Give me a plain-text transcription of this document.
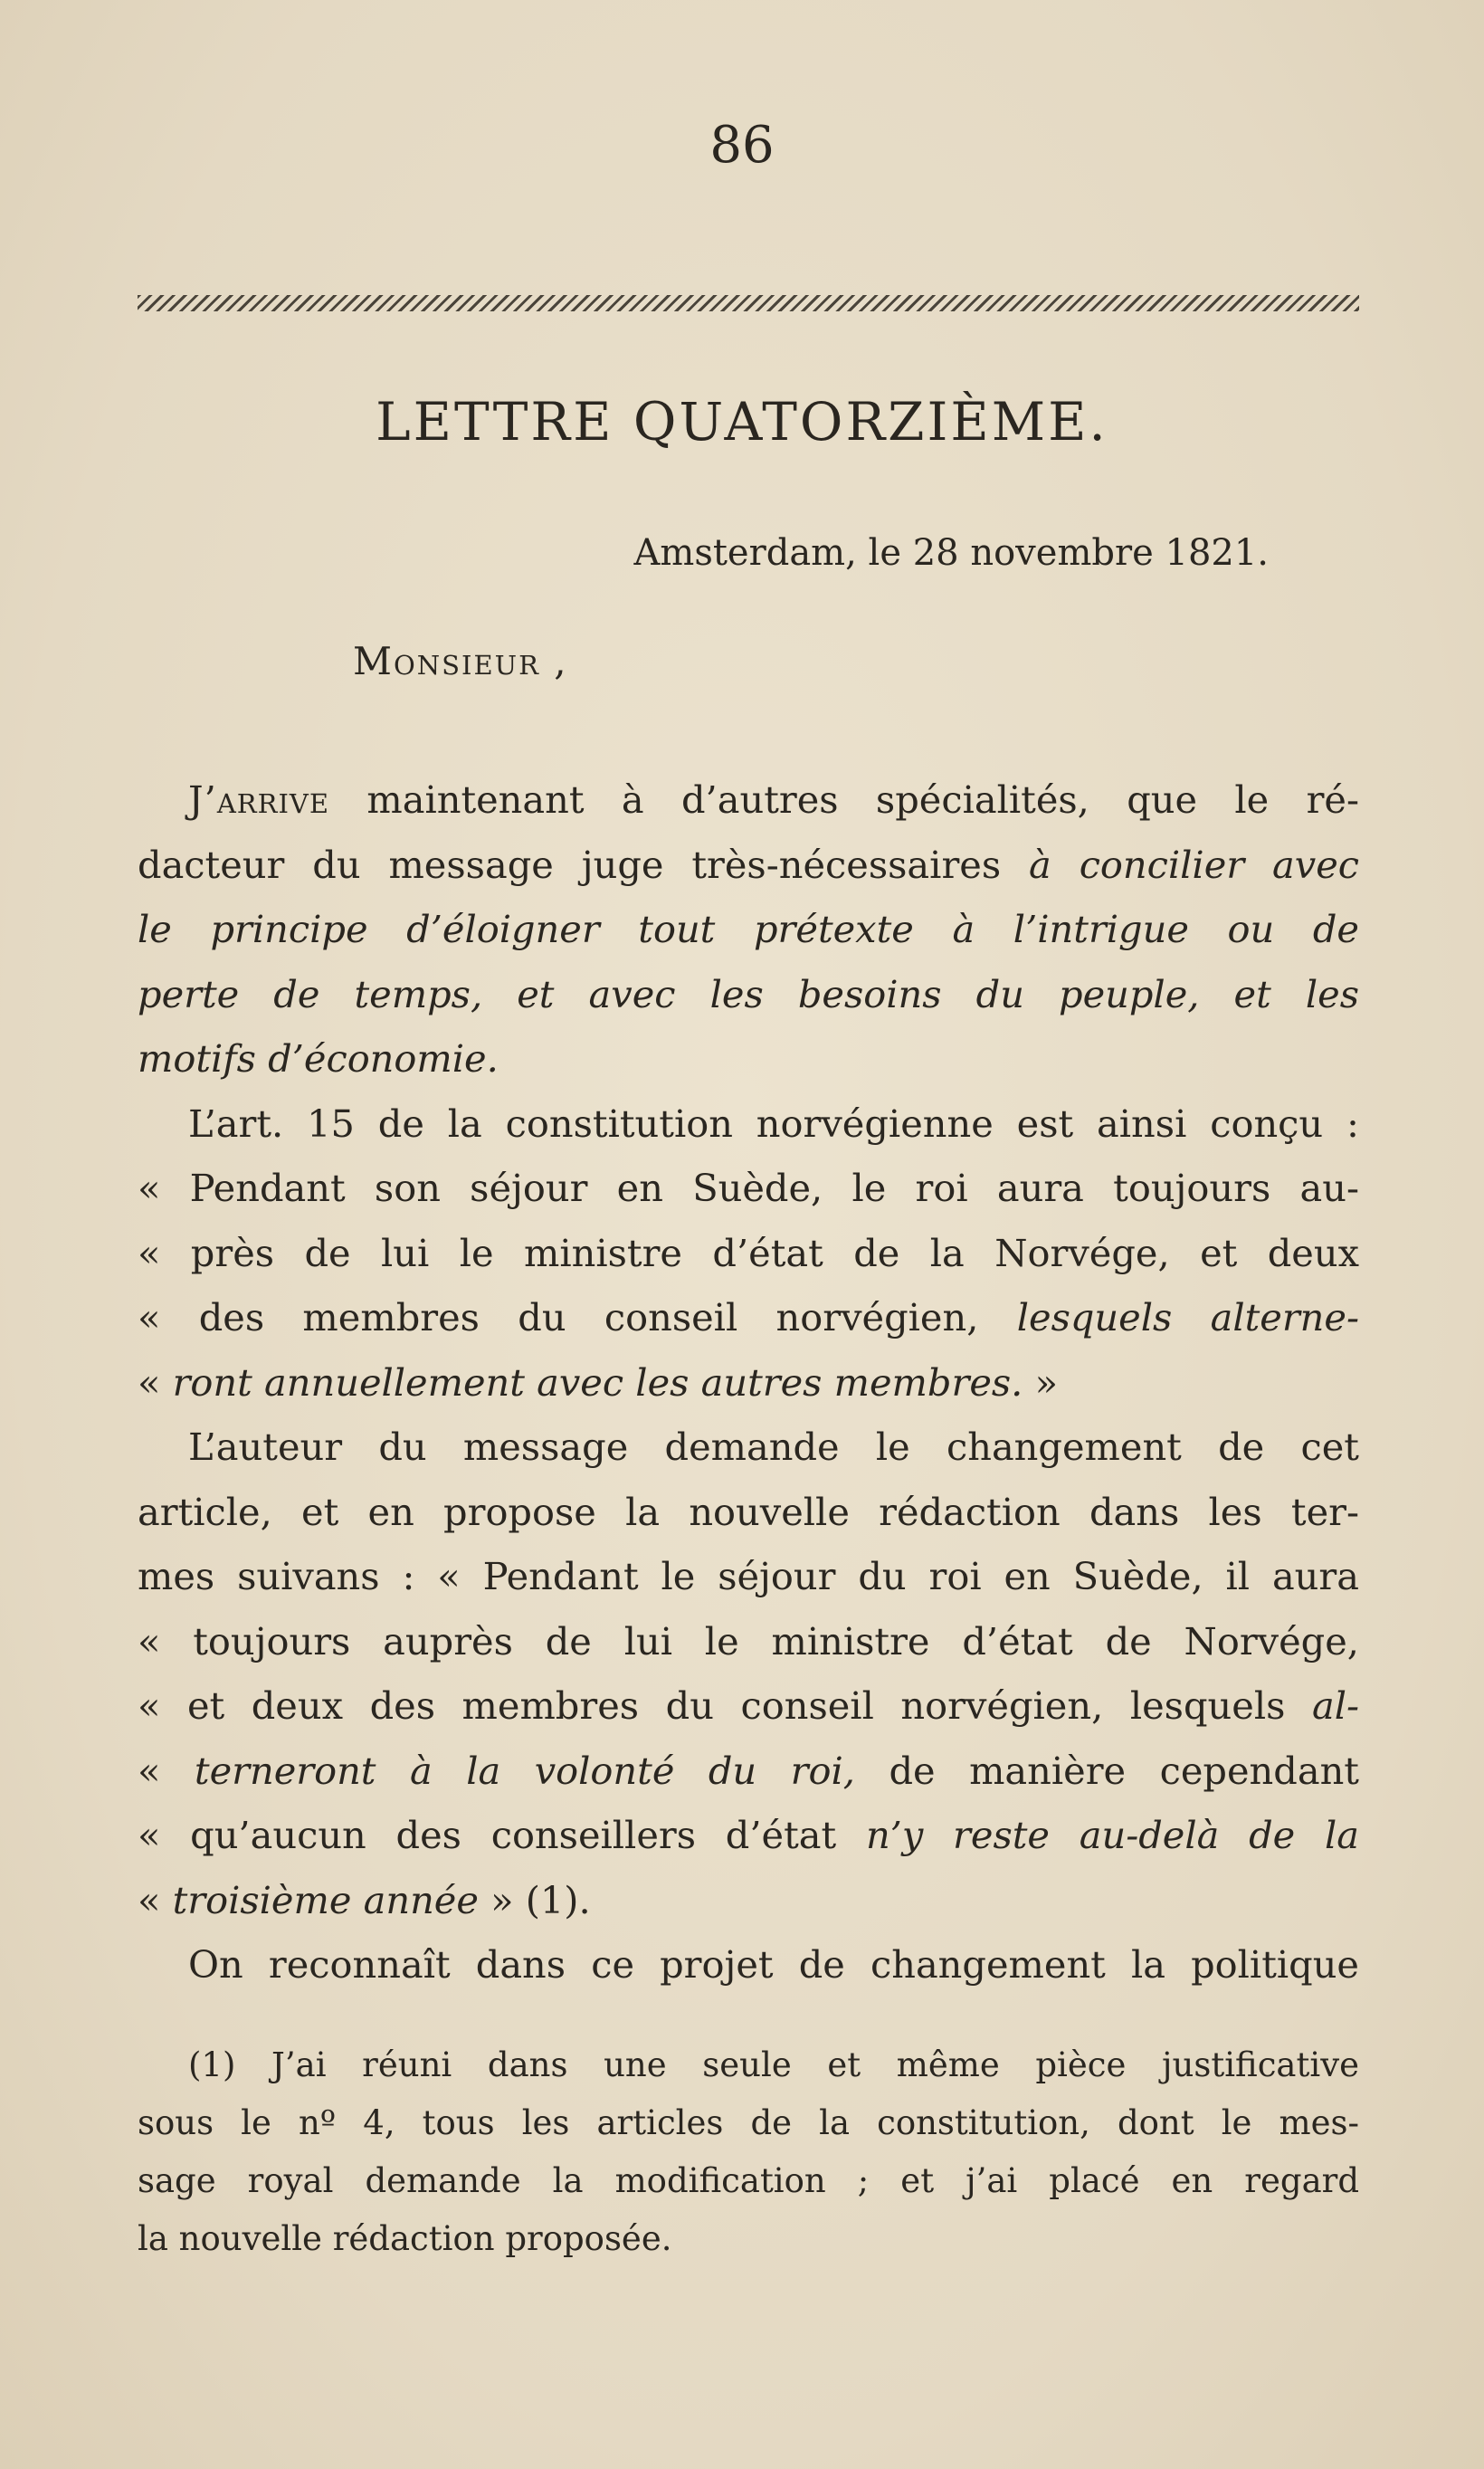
86
LETTRE QUATORZIÈME.
Amsterdam, le 28 novembre 1821.
Monsieur ,
J’arrive maintenant à d’autres spécialités, que le ré-
dacteur du message juge très-nécessaires à concilier avec
le principe d’éloigner tout prétexte à l’intrigue ou de
perte de temps, et avec les besoins du peuple, et les
motifs d’économie.
L’art. 15 de la constitution norvégienne est ainsi conçu :
« Pendant son séjour en Suède, le roi aura toujours au-
« près de lui le ministre d’état de la Norvége, et deux
« des membres du conseil norvégien, lesquels alterne-
« ront annuellement avec les autres membres. »
L’auteur du message demande le changement de cet
article, et en propose la nouvelle rédaction dans les ter-
mes suivans : « Pendant le séjour du roi en Suède, il aura
« toujours auprès de lui le ministre d’état de Norvége,
« et deux des membres du conseil norvégien, lesquels al-
« terneront à la volonté du roi, de manière cependant
« qu’aucun des conseillers d’état n’y reste au-delà de la
« troisième année » (1).
On reconnaît dans ce projet de changement la politique
(1) J’ai réuni dans une seule et même pièce justificative
sous le nº 4, tous les articles de la constitution, dont le mes-
sage royal demande la modification ; et j’ai placé en regard
la nouvelle rédaction proposée.
